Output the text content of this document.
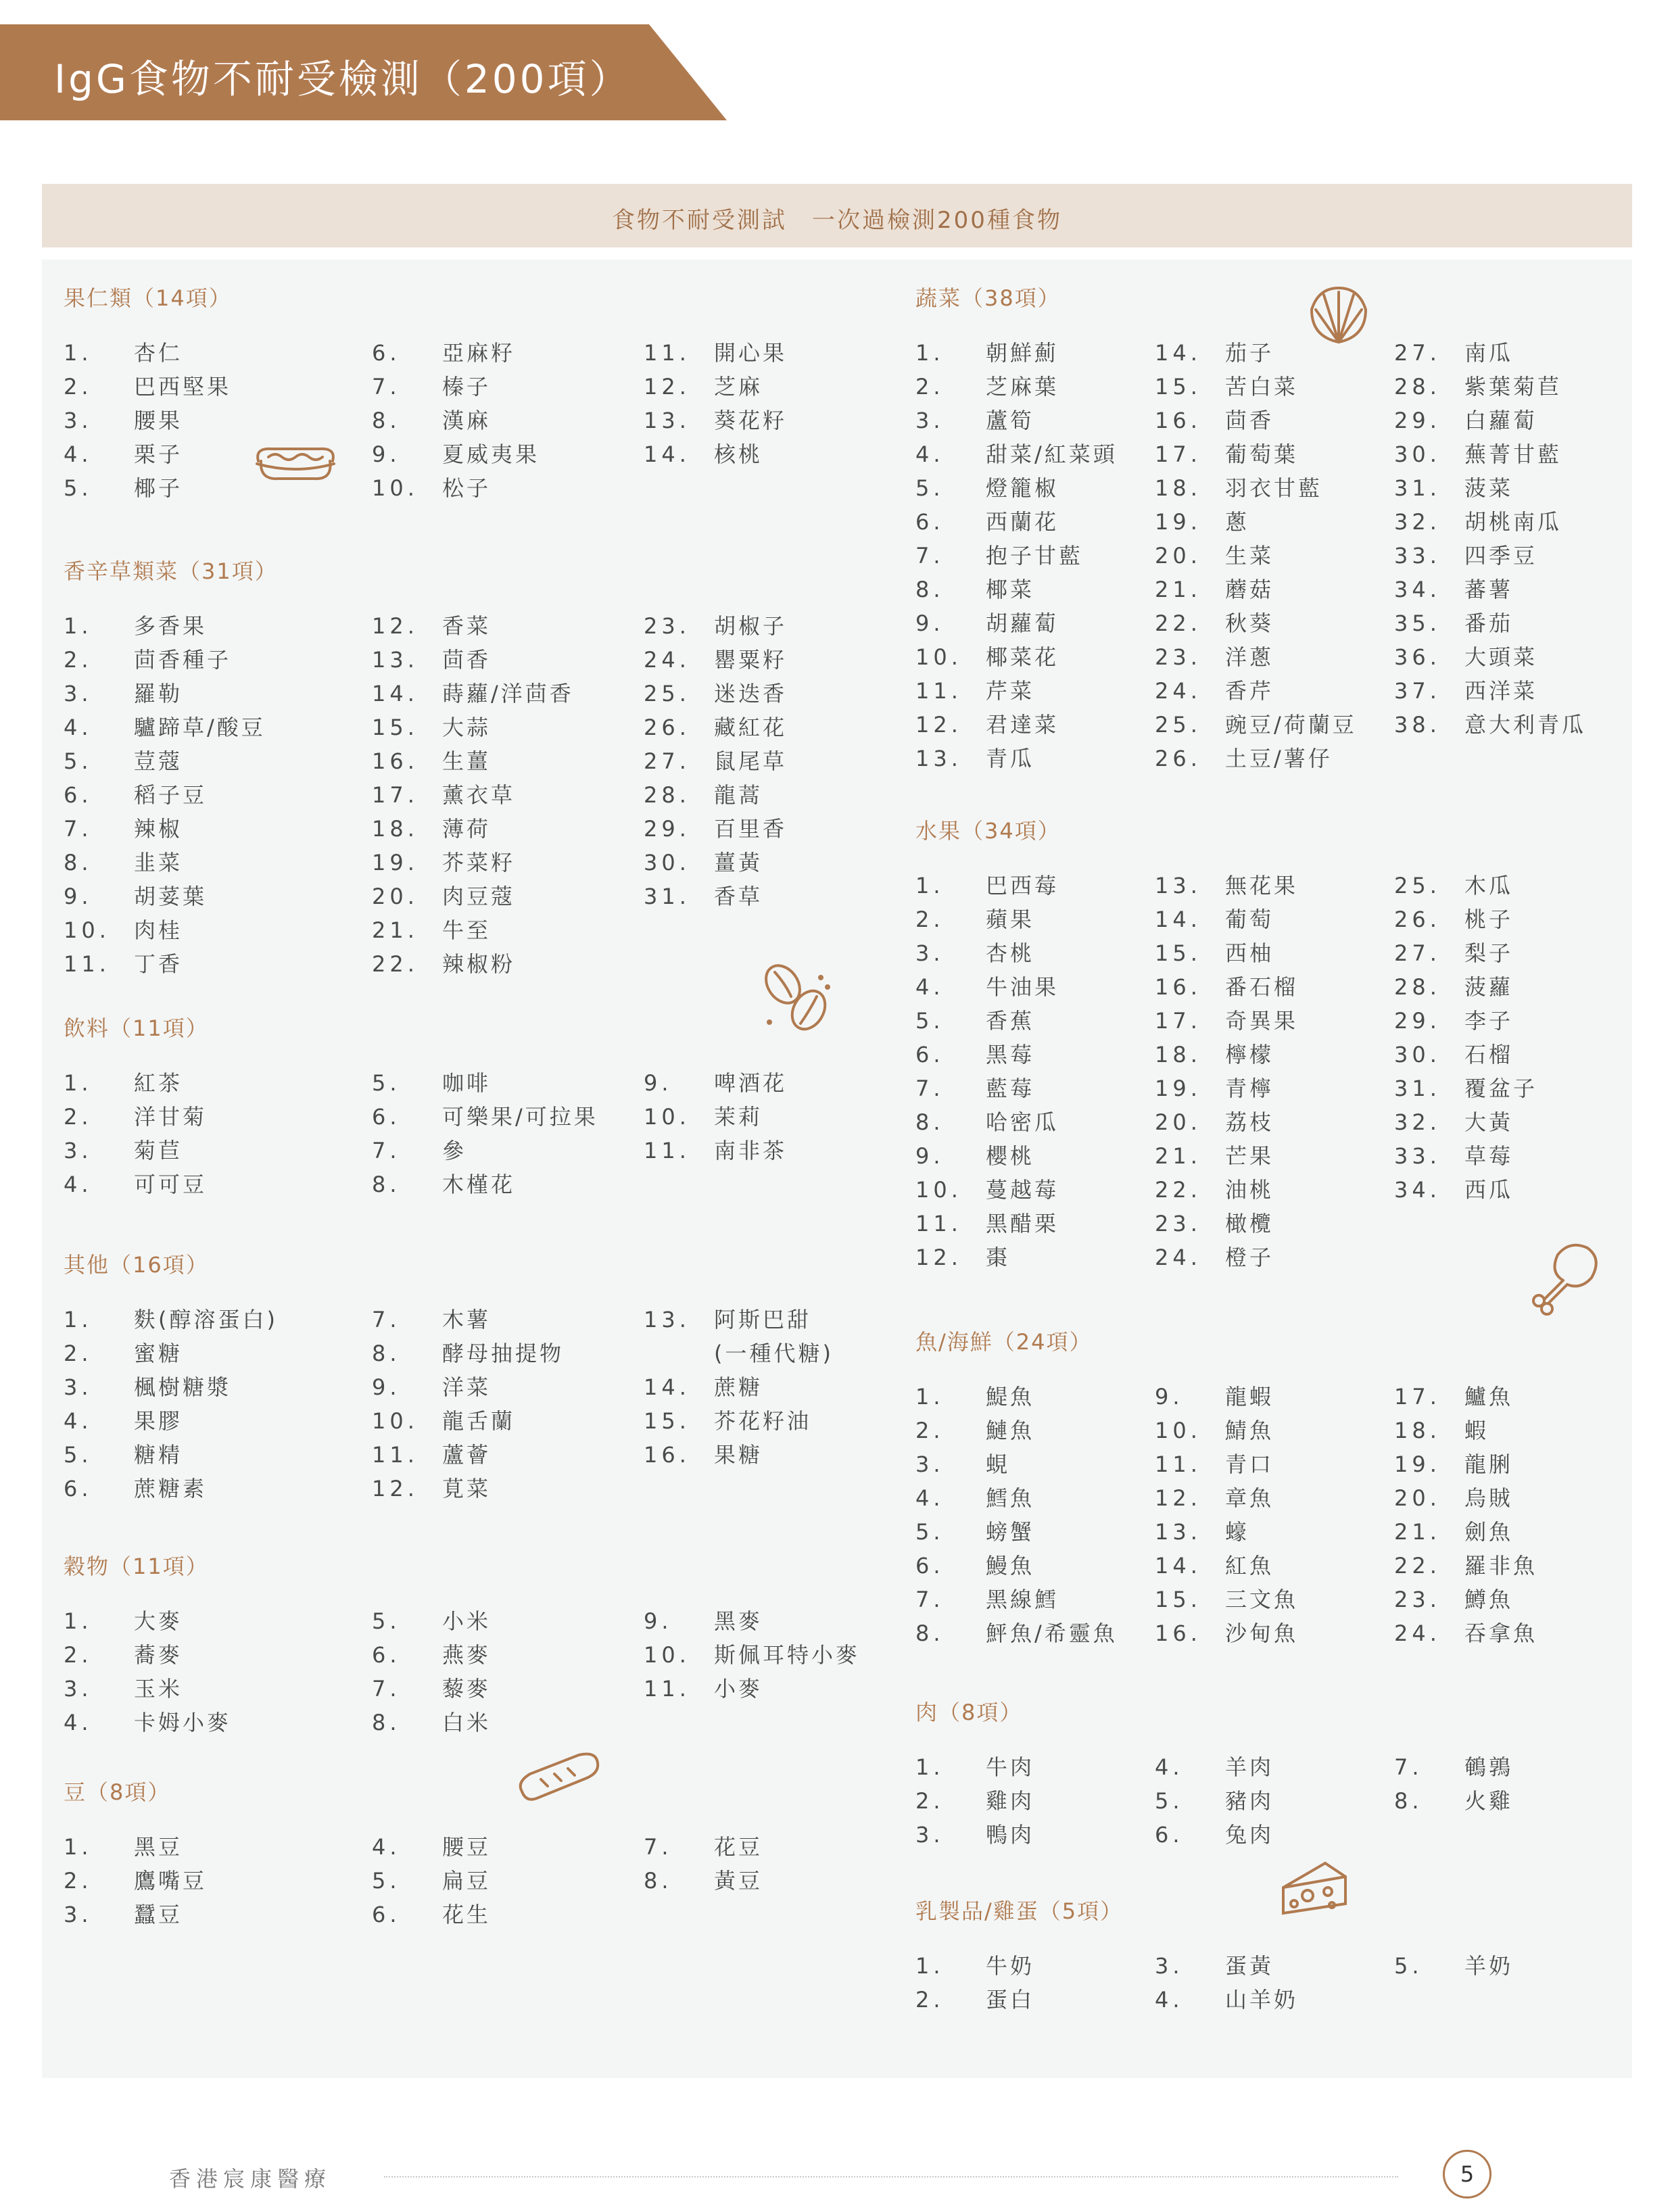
IgG食物不耐受檢測（200項）
食物不耐受測試　一次過檢測200種食物
果仁類（14項）
1. 杏仁
2. 巴西堅果
3. 腰果
4. 栗子
5. 椰子
6. 亞麻籽
7. 榛子
8. 漢麻
9. 夏威夷果
10. 松子
11. 開心果
12. 芝麻
13. 葵花籽
14. 核桃
香辛草類菜（31項）
1. 多香果
2. 茴香種子
3. 羅勒
4. 驢蹄草/酸豆
5. 荳蔻
6. 稻子豆
7. 辣椒
8. 韭菜
9. 胡荽葉
10. 肉桂
11. 丁香
12. 香菜
13. 茴香
14. 蒔蘿/洋茴香
15. 大蒜
16. 生薑
17. 薰衣草
18. 薄荷
19. 芥菜籽
20. 肉豆蔻
21. 牛至
22. 辣椒粉
23. 胡椒子
24. 罌粟籽
25. 迷迭香
26. 藏紅花
27. 鼠尾草
28. 龍蒿
29. 百里香
30. 薑黃
31. 香草
飲料（11項）
1. 紅茶
2. 洋甘菊
3. 菊苣
4. 可可豆
5. 咖啡
6. 可樂果/可拉果
7. 參
8. 木槿花
9. 啤酒花
10. 茉莉
11. 南非茶
其他（16項）
1. 麩(醇溶蛋白)
2. 蜜糖
3. 楓樹糖漿
4. 果膠
5. 糖精
6. 蔗糖素
7. 木薯
8. 酵母抽提物
9. 洋菜
10. 龍舌蘭
11. 蘆薈
12. 莧菜
13. 阿斯巴甜
(一種代糖)
14. 蔗糖
15. 芥花籽油
16. 果糖
穀物（11項）
1. 大麥
2. 蕎麥
3. 玉米
4. 卡姆小麥
5. 小米
6. 燕麥
7. 藜麥
8. 白米
9. 黑麥
10. 斯佩耳特小麥
11. 小麥
豆（8項）
1. 黑豆
2. 鷹嘴豆
3. 蠶豆
4. 腰豆
5. 扁豆
6. 花生
7. 花豆
8. 黃豆
蔬菜（38項）
1. 朝鮮薊
2. 芝麻葉
3. 蘆筍
4. 甜菜/紅菜頭
5. 燈籠椒
6. 西蘭花
7. 抱子甘藍
8. 椰菜
9. 胡蘿蔔
10. 椰菜花
11. 芹菜
12. 君達菜
13. 青瓜
14. 茄子
15. 苦白菜
16. 茴香
17. 葡萄葉
18. 羽衣甘藍
19. 蔥
20. 生菜
21. 蘑菇
22. 秋葵
23. 洋蔥
24. 香芹
25. 豌豆/荷蘭豆
26. 土豆/薯仔
27. 南瓜
28. 紫葉菊苣
29. 白蘿蔔
30. 蕪菁甘藍
31. 菠菜
32. 胡桃南瓜
33. 四季豆
34. 蕃薯
35. 番茄
36. 大頭菜
37. 西洋菜
38. 意大利青瓜
水果（34項）
1. 巴西莓
2. 蘋果
3. 杏桃
4. 牛油果
5. 香蕉
6. 黑莓
7. 藍莓
8. 哈密瓜
9. 櫻桃
10. 蔓越莓
11. 黑醋栗
12. 棗
13. 無花果
14. 葡萄
15. 西柚
16. 番石榴
17. 奇異果
18. 檸檬
19. 青檸
20. 荔枝
21. 芒果
22. 油桃
23. 橄欖
24. 橙子
25. 木瓜
26. 桃子
27. 梨子
28. 菠蘿
29. 李子
30. 石榴
31. 覆盆子
32. 大黃
33. 草莓
34. 西瓜
魚/海鮮（24項）
1. 鯷魚
2. 鰱魚
3. 蜆
4. 鱈魚
5. 螃蟹
6. 鰻魚
7. 黑線鱈
8. 鮃魚/希靈魚
9. 龍蝦
10. 鯖魚
11. 青口
12. 章魚
13. 蠔
14. 紅魚
15. 三文魚
16. 沙甸魚
17. 鱸魚
18. 蝦
19. 龍脷
20. 烏賊
21. 劍魚
22. 羅非魚
23. 鱒魚
24. 吞拿魚
肉（8項）
1. 牛肉
2. 雞肉
3. 鴨肉
4. 羊肉
5. 豬肉
6. 兔肉
7. 鵪鶉
8. 火雞
乳製品/雞蛋（5項）
1. 牛奶
2. 蛋白
3. 蛋黃
4. 山羊奶
5. 羊奶
香港宸康醫療	5
